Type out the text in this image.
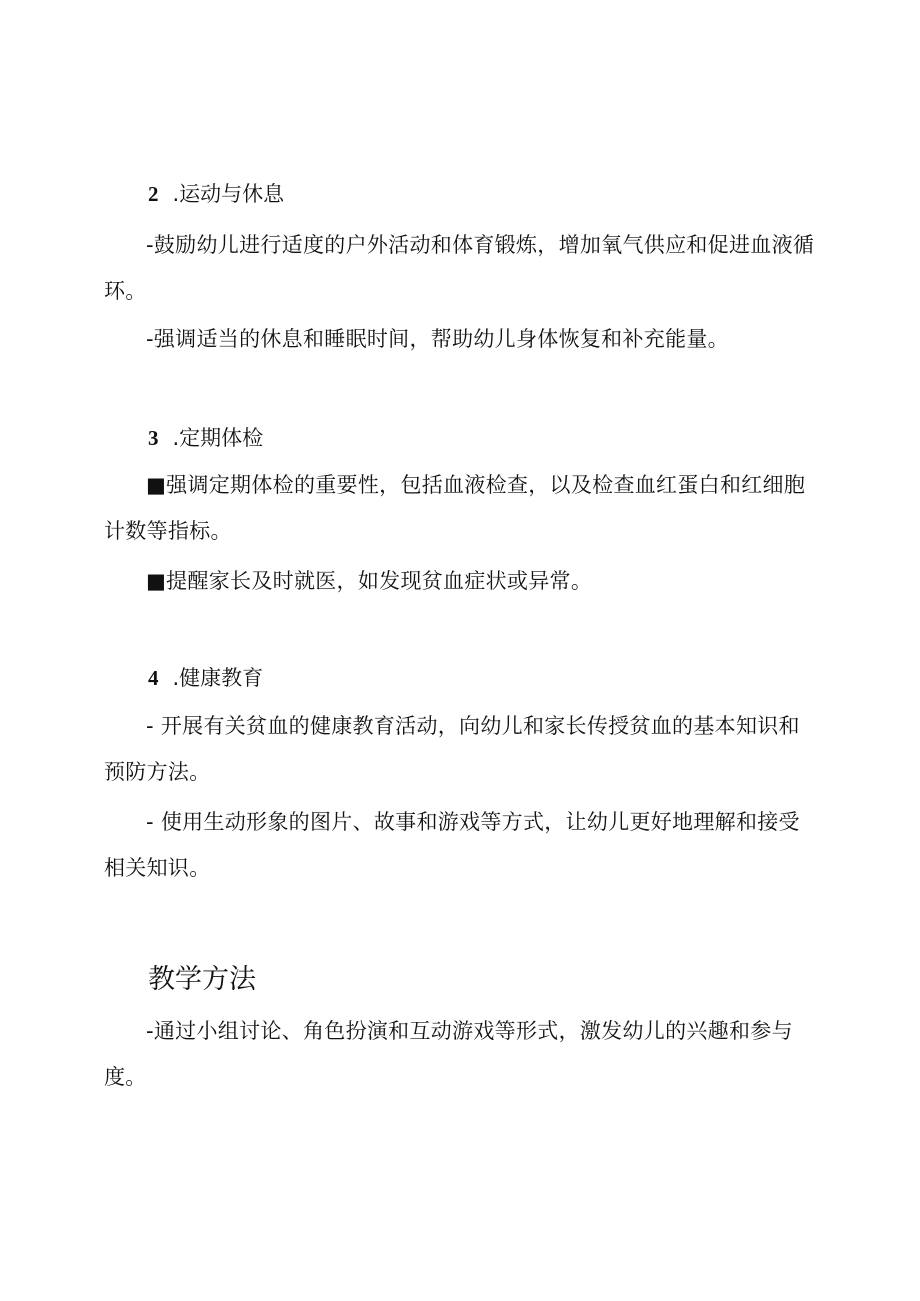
2 .运动与休息

-鼓励幼儿进行适度的户外活动和体育锻炼，增加氧气供应和促进血液循环。

-强调适当的休息和睡眠时间，帮助幼儿身体恢复和补充能量。

3 .定期体检

■强调定期体检的重要性，包括血液检查，以及检查血红蛋白和红细胞计数等指标。

■提醒家长及时就医，如发现贫血症状或异常。

4 .健康教育

- 开展有关贫血的健康教育活动，向幼儿和家长传授贫血的基本知识和预防方法。

- 使用生动形象的图片、故事和游戏等方式，让幼儿更好地理解和接受相关知识。

教学方法

-通过小组讨论、角色扮演和互动游戏等形式，激发幼儿的兴趣和参与度。
